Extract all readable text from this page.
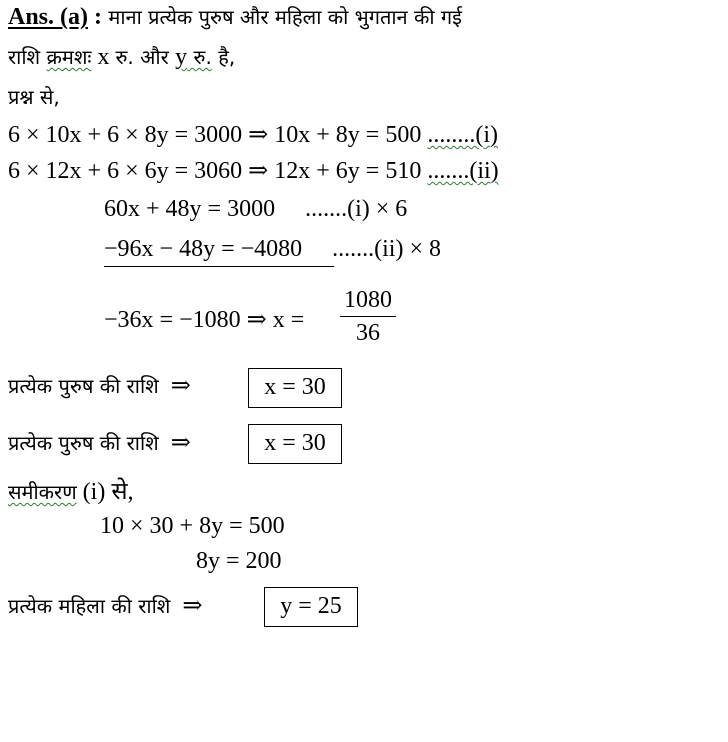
Ans. (a) : माना प्रत्येक पुरुष और महिला को भुगतान की गई
राशि क्रमशः x रु. और y रु. है,
प्रश्न से,
6 × 10x + 6 × 8y = 3000 ⇒ 10x + 8y = 500 ........(i)
6 × 12x + 6 × 6y = 3060 ⇒ 12x + 6y = 510 .......(ii)
60x + 48y = 3000 .......(i) × 6
−96x − 48y = −4080 .......(ii) × 8
−36x = −1080 ⇒ x =
1080
36
प्रत्येक पुरुष की राशि ⇒	x = 30
प्रत्येक पुरुष की राशि ⇒	x = 30
समीकरण (i) से,
10 × 30 + 8y = 500
8y = 200
प्रत्येक महिला की राशि ⇒	y = 25
